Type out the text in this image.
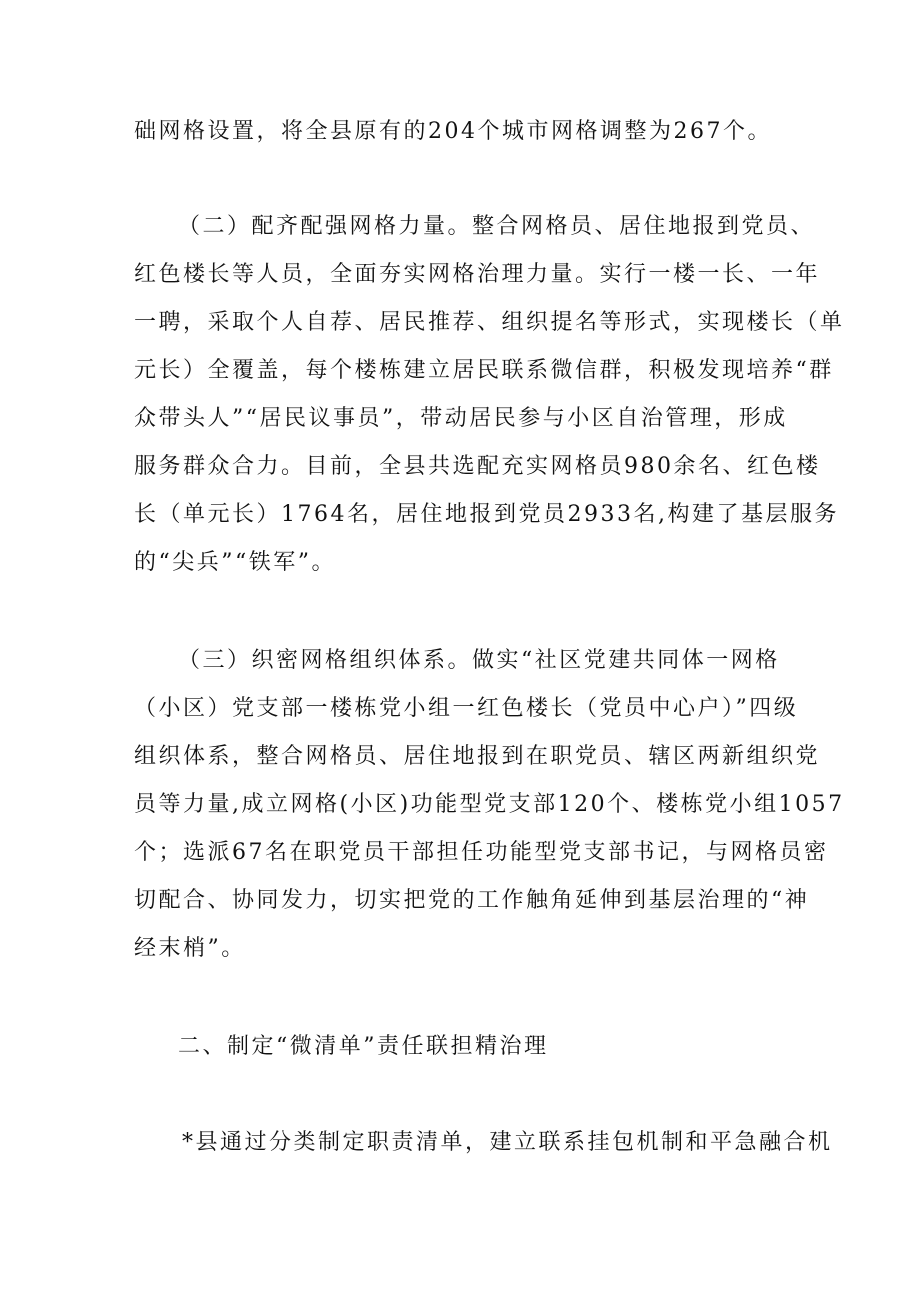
础网格设置，将全县原有的204个城市网格调整为267个。
（二）配齐配强网格力量。整合网格员、居住地报到党员、
红色楼长等人员，全面夯实网格治理力量。实行一楼一长、一年
一聘，采取个人自荐、居民推荐、组织提名等形式，实现楼长（单
元长）全覆盖，每个楼栋建立居民联系微信群，积极发现培养“群
众带头人”“居民议事员”，带动居民参与小区自治管理，形成
服务群众合力。目前，全县共选配充实网格员980余名、红色楼
长（单元长）1764名，居住地报到党员2933名,构建了基层服务
的“尖兵”“铁军”。
（三）织密网格组织体系。做实“社区党建共同体一网格
（小区）党支部一楼栋党小组一红色楼长（党员中心户）”四级
组织体系，整合网格员、居住地报到在职党员、辖区两新组织党
员等力量,成立网格(小区)功能型党支部120个、楼栋党小组1057
个；选派67名在职党员干部担任功能型党支部书记，与网格员密
切配合、协同发力，切实把党的工作触角延伸到基层治理的“神
经末梢”。
二、制定“微清单”责任联担精治理
*县通过分类制定职责清单，建立联系挂包机制和平急融合机
